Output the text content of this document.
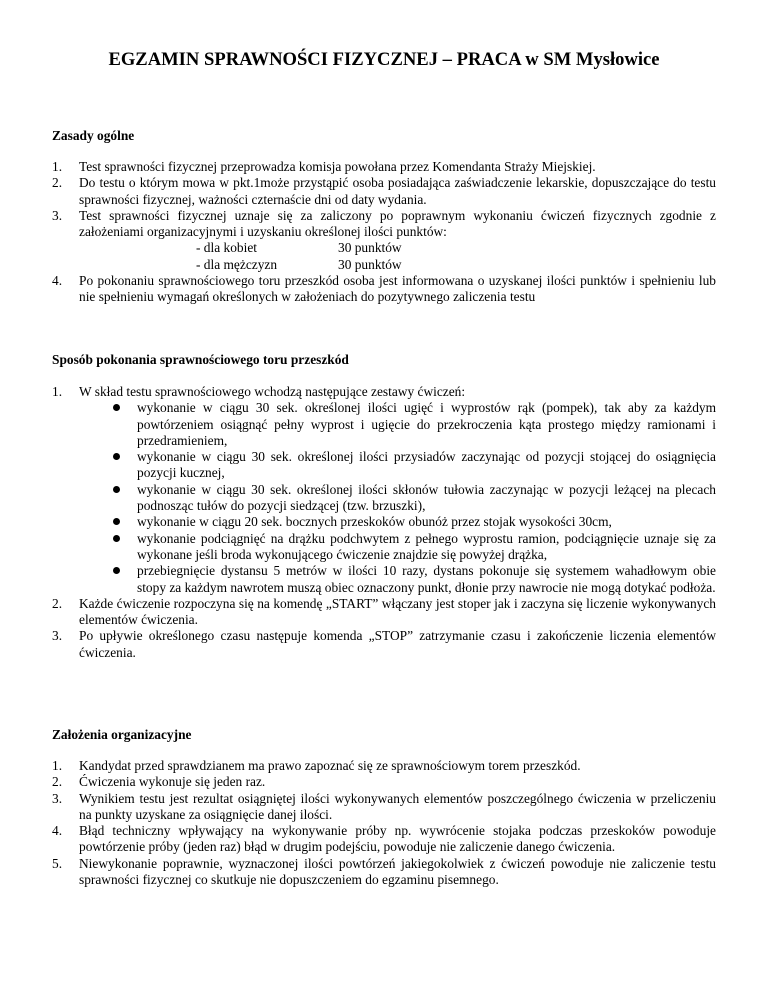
EGZAMIN SPRAWNOŚCI FIZYCZNEJ – PRACA w SM Mysłowice

Zasady ogólne

1. Test sprawności fizycznej przeprowadza komisja powołana przez Komendanta Straży Miejskiej.
2. Do testu o którym mowa w pkt.1może przystąpić osoba posiadająca zaświadczenie lekarskie, dopuszczające do testu sprawności fizycznej, ważności czternaście dni od daty wydania.
3. Test sprawności fizycznej uznaje się za zaliczony po poprawnym wykonaniu ćwiczeń fizycznych zgodnie z założeniami organizacyjnymi i uzyskaniu określonej ilości punktów:
- dla kobiet	30 punktów
- dla mężczyzn	30 punktów
4. Po pokonaniu sprawnościowego toru przeszkód osoba jest informowana o uzyskanej ilości punktów i spełnieniu lub nie spełnieniu wymagań określonych w założeniach do pozytywnego zaliczenia testu

Sposób pokonania sprawnościowego toru przeszkód

1. W skład testu sprawnościowego wchodzą następujące zestawy ćwiczeń:
wykonanie w ciągu 30 sek. określonej ilości ugięć i wyprostów rąk (pompek), tak aby za każdym powtórzeniem osiągnąć pełny wyprost i ugięcie do przekroczenia kąta prostego między ramionami i przedramieniem,
wykonanie w ciągu 30 sek. określonej ilości przysiadów zaczynając od pozycji stojącej do osiągnięcia pozycji kucznej,
wykonanie w ciągu 30 sek. określonej ilości skłonów tułowia zaczynając w pozycji leżącej na plecach podnosząc tułów do pozycji siedzącej (tzw. brzuszki),
wykonanie w ciągu 20 sek. bocznych przeskoków obunóż przez stojak wysokości 30cm,
wykonanie podciągnięć na drążku podchwytem z pełnego wyprostu ramion, podciągnięcie uznaje się za wykonane jeśli broda wykonującego ćwiczenie znajdzie się powyżej drążka,
przebiegnięcie dystansu 5 metrów w ilości 10 razy, dystans pokonuje się systemem wahadłowym obie stopy za każdym nawrotem muszą obiec oznaczony punkt, dłonie przy nawrocie nie mogą dotykać podłoża.
2. Każde ćwiczenie rozpoczyna się na komendę „START” włączany jest stoper jak i zaczyna się liczenie wykonywanych elementów ćwiczenia.
3. Po upływie określonego czasu następuje komenda „STOP” zatrzymanie czasu i zakończenie liczenia elementów ćwiczenia.

Założenia organizacyjne

1. Kandydat przed sprawdzianem ma prawo zapoznać się ze sprawnościowym torem przeszkód.
2. Ćwiczenia wykonuje się jeden raz.
3. Wynikiem testu jest rezultat osiągniętej ilości wykonywanych elementów poszczególnego ćwiczenia w przeliczeniu na punkty uzyskane za osiągnięcie danej ilości.
4. Błąd techniczny wpływający na wykonywanie próby np. wywrócenie stojaka podczas przeskoków powoduje powtórzenie próby (jeden raz) błąd w drugim podejściu, powoduje nie zaliczenie danego ćwiczenia.
5. Niewykonanie poprawnie, wyznaczonej ilości powtórzeń jakiegokolwiek z ćwiczeń powoduje nie zaliczenie testu sprawności fizycznej co skutkuje nie dopuszczeniem do egzaminu pisemnego.
